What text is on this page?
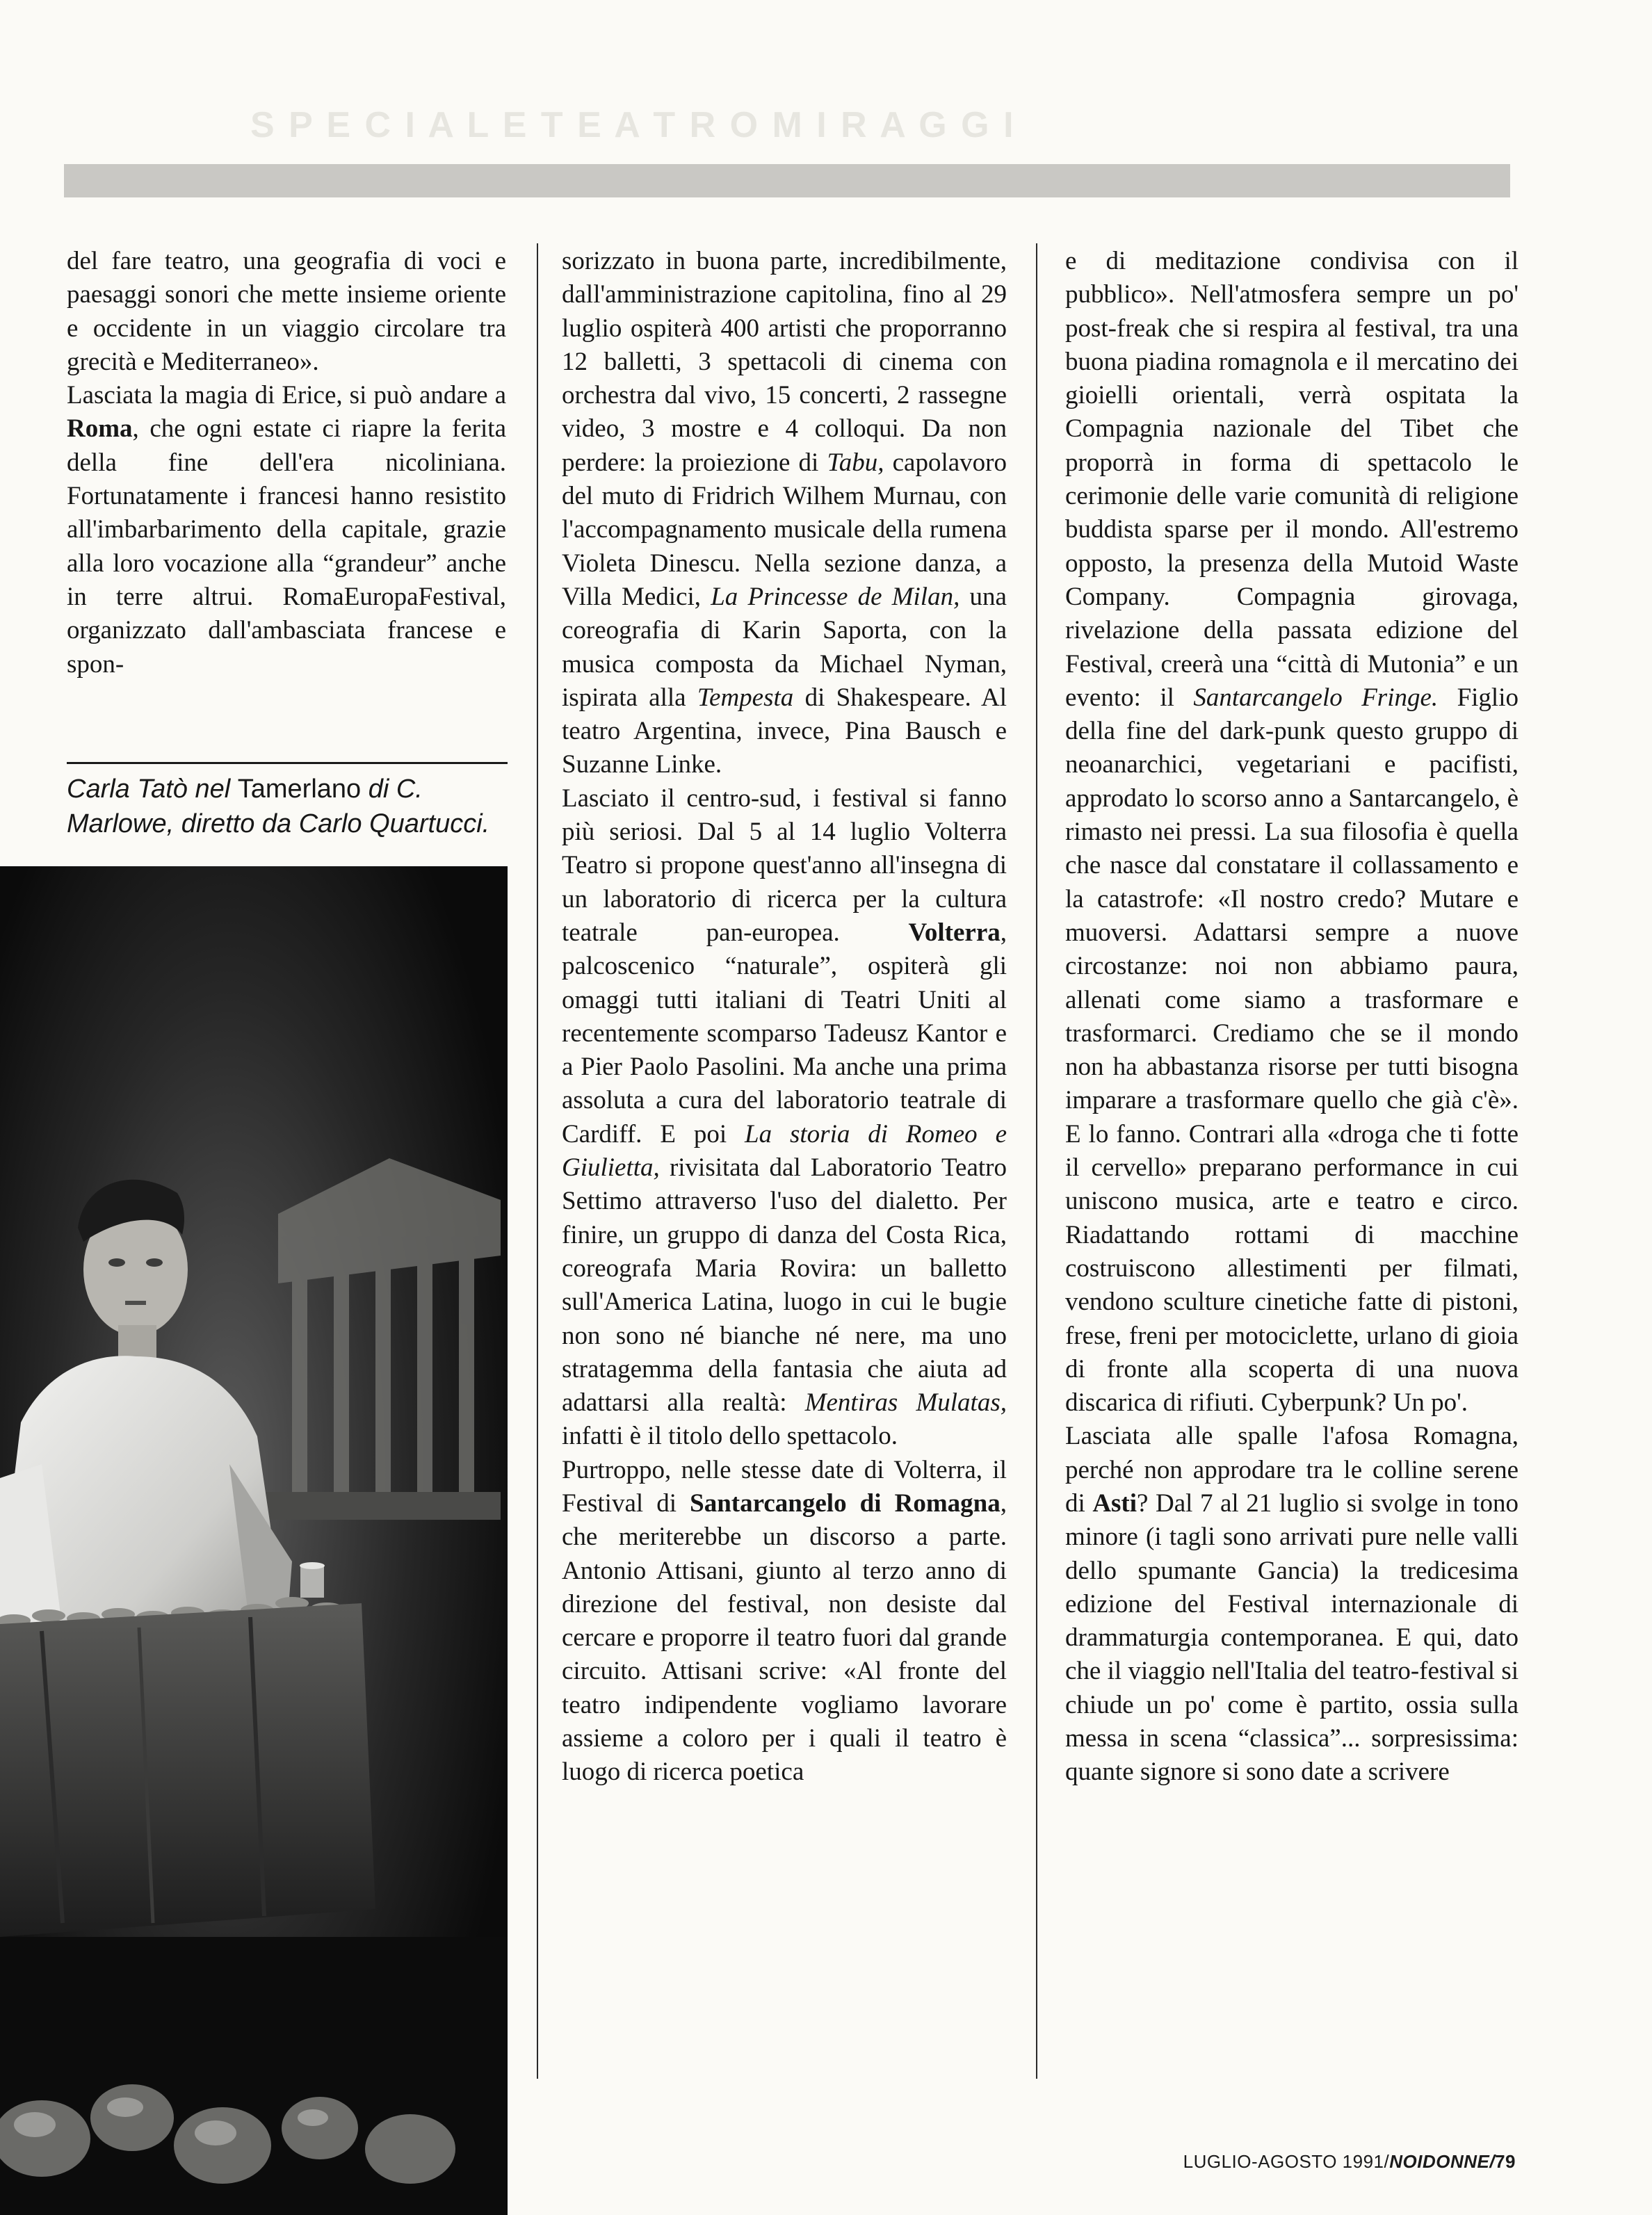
S P E C I A L E T E A T R O M I R A G G I

del fare teatro, una geografia di voci e paesaggi sonori che mette insieme oriente e occidente in un viaggio circolare tra grecità e Mediterraneo».

Lasciata la magia di Erice, si può andare a Roma, che ogni estate ci riapre la ferita della fine dell'era nicoliniana. Fortunatamente i francesi hanno resistito all'imbarbarimento della capitale, grazie alla loro vocazione alla “grandeur” anche in terre altrui. RomaEuropaFestival, organizzato dall'ambasciata francese e spon-

Carla Tatò nel Tamerlano di C. Marlowe, diretto da Carlo Quartucci.

sorizzato in buona parte, incredibilmente, dall'amministrazione capitolina, fino al 29 luglio ospiterà 400 artisti che proporranno 12 balletti, 3 spettacoli di cinema con orchestra dal vivo, 15 concerti, 2 rassegne video, 3 mostre e 4 colloqui. Da non perdere: la proiezione di Tabu, capolavoro del muto di Fridrich Wilhem Murnau, con l'accompagnamento musicale della rumena Violeta Dinescu. Nella sezione danza, a Villa Medici, La Princesse de Milan, una coreografia di Karin Saporta, con la musica composta da Michael Nyman, ispirata alla Tempesta di Shakespeare. Al teatro Argentina, invece, Pina Bausch e Suzanne Linke.

Lasciato il centro-sud, i festival si fanno più seriosi. Dal 5 al 14 luglio Volterra Teatro si propone quest'anno all'insegna di un laboratorio di ricerca per la cultura teatrale pan-europea. Volterra, palcoscenico “naturale”, ospiterà gli omaggi tutti italiani di Teatri Uniti al recentemente scomparso Tadeusz Kantor e a Pier Paolo Pasolini. Ma anche una prima assoluta a cura del laboratorio teatrale di Cardiff. E poi La storia di Romeo e Giulietta, rivisitata dal Laboratorio Teatro Settimo attraverso l'uso del dialetto. Per finire, un gruppo di danza del Costa Rica, coreografa Maria Rovira: un balletto sull'America Latina, luogo in cui le bugie non sono né bianche né nere, ma uno stratagemma della fantasia che aiuta ad adattarsi alla realtà: Mentiras Mulatas, infatti è il titolo dello spettacolo.

Purtroppo, nelle stesse date di Volterra, il Festival di Santarcangelo di Romagna, che meriterebbe un discorso a parte. Antonio Attisani, giunto al terzo anno di direzione del festival, non desiste dal cercare e proporre il teatro fuori dal grande circuito. Attisani scrive: «Al fronte del teatro indipendente vogliamo lavorare assieme a coloro per i quali il teatro è luogo di ricerca poetica

e di meditazione condivisa con il pubblico». Nell'atmosfera sempre un po' post-freak che si respira al festival, tra una buona piadina romagnola e il mercatino dei gioielli orientali, verrà ospitata la Compagnia nazionale del Tibet che proporrà in forma di spettacolo le cerimonie delle varie comunità di religione buddista sparse per il mondo. All'estremo opposto, la presenza della Mutoid Waste Company. Compagnia girovaga, rivelazione della passata edizione del Festival, creerà una “città di Mutonia” e un evento: il Santarcangelo Fringe. Figlio della fine del dark-punk questo gruppo di neoanarchici, vegetariani e pacifisti, approdato lo scorso anno a Santarcangelo, è rimasto nei pressi. La sua filosofia è quella che nasce dal constatare il collassamento e la catastrofe: «Il nostro credo? Mutare e muoversi. Adattarsi sempre a nuove circostanze: noi non abbiamo paura, allenati come siamo a trasformare e trasformarci. Crediamo che se il mondo non ha abbastanza risorse per tutti bisogna imparare a trasformare quello che già c'è». E lo fanno. Contrari alla «droga che ti fotte il cervello» preparano performance in cui uniscono musica, arte e teatro e circo. Riadattando rottami di macchine costruiscono allestimenti per filmati, vendono sculture cinetiche fatte di pistoni, frese, freni per motociclette, urlano di gioia di fronte alla scoperta di una nuova discarica di rifiuti. Cyberpunk? Un po'.

Lasciata alle spalle l'afosa Romagna, perché non approdare tra le colline serene di Asti? Dal 7 al 21 luglio si svolge in tono minore (i tagli sono arrivati pure nelle valli dello spumante Gancia) la tredicesima edizione del Festival internazionale di drammaturgia contemporanea. E qui, dato che il viaggio nell'Italia del teatro-festival si chiude un po' come è partito, ossia sulla messa in scena “classica”... sorpresissima: quante signore si sono date a scrivere

LUGLIO-AGOSTO 1991/NOIDONNE/79
